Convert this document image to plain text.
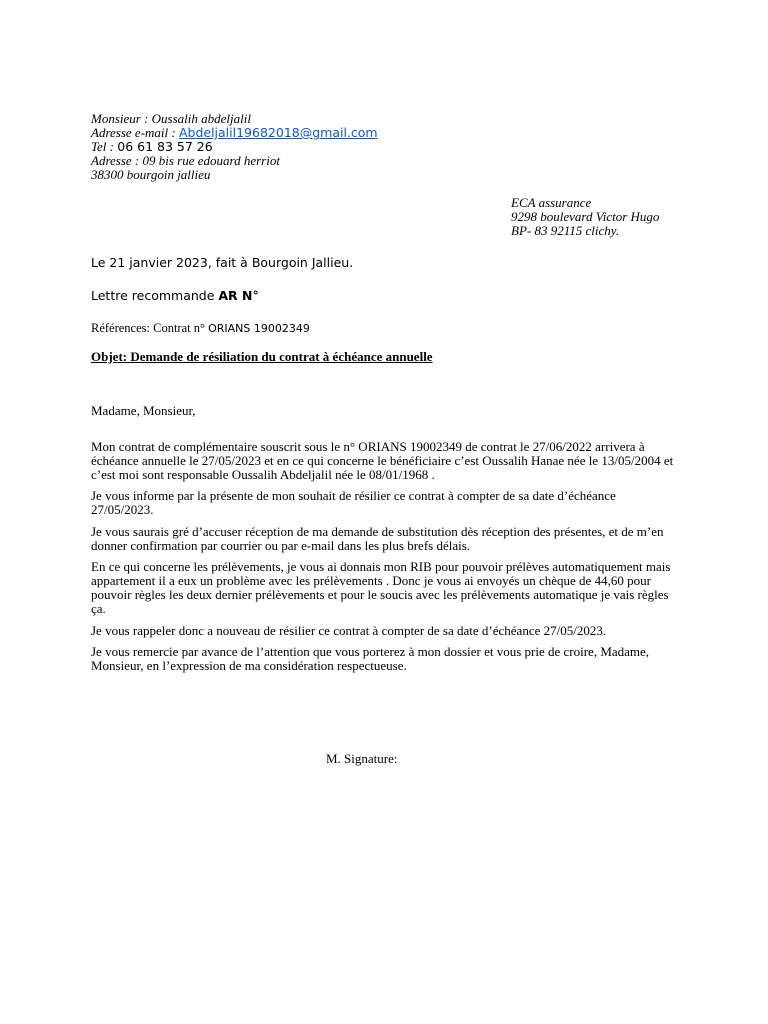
Monsieur : Oussalih abdeljalil
Adresse e-mail : Abdeljalil19682018@gmail.com
Tel : 06 61 83 57 26
Adresse : 09 bis rue edouard herriot
38300 bourgoin jallieu
ECA assurance
9298 boulevard Victor Hugo
BP- 83 92115 clichy.
Le 21 janvier 2023, fait à Bourgoin Jallieu.
Lettre recommande AR N°
Références: Contrat n° ORIANS 19002349
Objet: Demande de résiliation du contrat à échéance annuelle
Madame, Monsieur,
Mon contrat de complémentaire souscrit sous le n° ORIANS 19002349 de contrat le 27/06/2022 arrivera à échéance annuelle le 27/05/2023 et en ce qui concerne le bénéficiaire c’est Oussalih Hanae née le 13/05/2004 et c’est moi sont responsable Oussalih Abdeljalil née le 08/01/1968 .
Je vous informe par la présente de mon souhait de résilier ce contrat à compter de sa date d’échéance 27/05/2023.
Je vous saurais gré d’accuser réception de ma demande de substitution dès réception des présentes, et de m’en donner confirmation par courrier ou par e-mail dans les plus brefs délais.
En ce qui concerne les prélèvements, je vous ai donnais mon RIB pour pouvoir prélèves automatiquement mais appartement il a eux un problème avec les prélèvements . Donc je vous ai envoyés un chèque de 44,60 pour pouvoir règles les deux dernier prélèvements et pour le soucis avec les prélèvements automatique je vais règles ça.
Je vous rappeler donc a nouveau de résilier ce contrat à compter de sa date d’échéance 27/05/2023.
Je vous remercie par avance de l’attention que vous porterez à mon dossier et vous prie de croire, Madame, Monsieur, en l’expression de ma considération respectueuse.
M. Signature:
